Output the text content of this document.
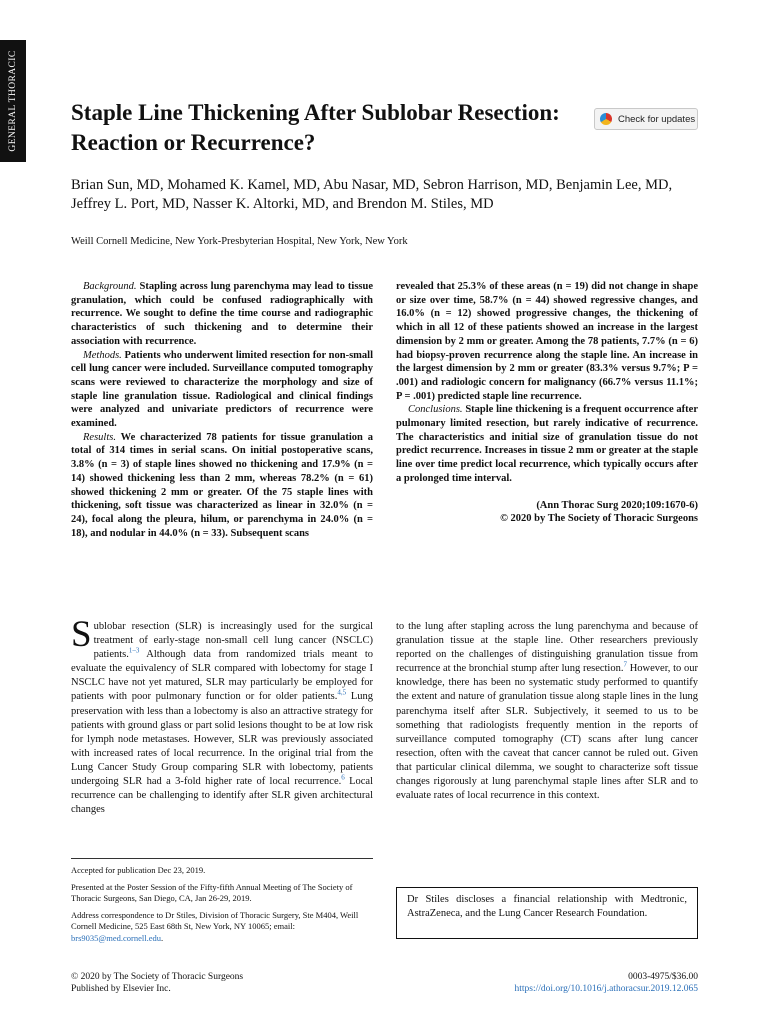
GENERAL THORACIC Staple Line Thickening After Sublobar Resection: Reaction or Recurrence?
Check for updates

Brian Sun, MD, Mohamed K. Kamel, MD, Abu Nasar, MD, Sebron Harrison, MD, Benjamin Lee, MD, Jeffrey L. Port, MD, Nasser K. Altorki, MD, and Brendon M. Stiles, MD

Weill Cornell Medicine, New York-Presbyterian Hospital, New York, New York

Background. Stapling across lung parenchyma may lead to tissue granulation, which could be confused radiographically with recurrence. We sought to define the time course and radiographic characteristics of such thickening and to determine their association with recurrence.

Methods. Patients who underwent limited resection for non-small cell lung cancer were included. Surveillance computed tomography scans were reviewed to characterize the morphology and size of staple line granulation tissue. Radiological and clinical findings were analyzed and univariate predictors of recurrence were examined.

Results. We characterized 78 patients for tissue granulation a total of 314 times in serial scans. On initial postoperative scans, 3.8% (n = 3) of staple lines showed no thickening and 17.9% (n = 14) showed thickening less than 2 mm, whereas 78.2% (n = 61) showed thickening 2 mm or greater. Of the 75 staple lines with thickening, soft tissue was characterized as linear in 32.0% (n = 24), focal along the pleura, hilum, or parenchyma in 24.0% (n = 18), and nodular in 44.0% (n = 33). Subsequent scans

revealed that 25.3% of these areas (n = 19) did not change in shape or size over time, 58.7% (n = 44) showed regressive changes, and 16.0% (n = 12) showed progressive changes, the thickening of which in all 12 of these patients showed an increase in the largest dimension by 2 mm or greater. Among the 78 patients, 7.7% (n = 6) had biopsy-proven recurrence along the staple line. An increase in the largest dimension by 2 mm or greater (83.3% versus 9.7%; P = .001) and radiologic concern for malignancy (66.7% versus 11.1%; P = .001) predicted staple line recurrence.

Conclusions. Staple line thickening is a frequent occurrence after pulmonary limited resection, but rarely indicative of recurrence. The characteristics and initial size of granulation tissue do not predict recurrence. Increases in tissue 2 mm or greater at the staple line over time predict local recurrence, which typically occurs after a prolonged time interval.

(Ann Thorac Surg 2020;109:1670-6)

© 2020 by The Society of Thoracic Surgeons

Sublobar resection (SLR) is increasingly used for the surgical treatment of early-stage non-small cell lung cancer (NSCLC) patients.$^{1-3}$ Although data from randomized trials meant to evaluate the equivalency of SLR compared with lobectomy for stage I NSCLC have not yet matured, SLR may particularly be employed for patients with poor pulmonary function or for older patients.$^{4,5}$ Lung preservation with less than a lobectomy is also an attractive strategy for patients with ground glass or part solid lesions thought to be at low risk for lymph node metastases. However, SLR was previously associated with increased rates of local recurrence. In the original trial from the Lung Cancer Study Group comparing SLR with lobectomy, patients undergoing SLR had a 3-fold higher rate of local recurrence.$^6$ Local recurrence can be challenging to identify after SLR given architectural changes

to the lung after stapling across the lung parenchyma and because of granulation tissue at the staple line. Other researchers previously reported on the challenges of distinguishing granulation tissue from recurrence at the bronchial stump after lung resection.$^7$ However, to our knowledge, there has been no systematic study performed to quantify the extent and nature of granulation tissue along staple lines in the lung parenchyma itself after SLR. Subjectively, it seemed to us to be something that radiologists frequently mention in the reports of surveillance computed tomography (CT) scans after lung cancer resection, often with the caveat that cancer cannot be ruled out. Given that particular clinical dilemma, we sought to characterize soft tissue changes rigorously at lung parenchymal staple lines after SLR and to evaluate rates of local recurrence in this context.

Accepted for publication Dec 23, 2019.

Presented at the Poster Session of the Fifty-fifth Annual Meeting of The Society of Thoracic Surgeons, San Diego, CA, Jan 26-29, 2019.

Address correspondence to Dr Stiles, Division of Thoracic Surgery, Ste M404, Weill Cornell Medicine, 525 East 68th St, New York, NY 10065; email: brs9035@med.cornell.edu.

Dr Stiles discloses a financial relationship with Medtronic, AstraZeneca, and the Lung Cancer Research Foundation.
© 2020 by The Society of Thoracic Surgeons
Published by Elsevier Inc.
0003-4975/$36.00
https://doi.org/10.1016/j.athoracsur.2019.12.065
